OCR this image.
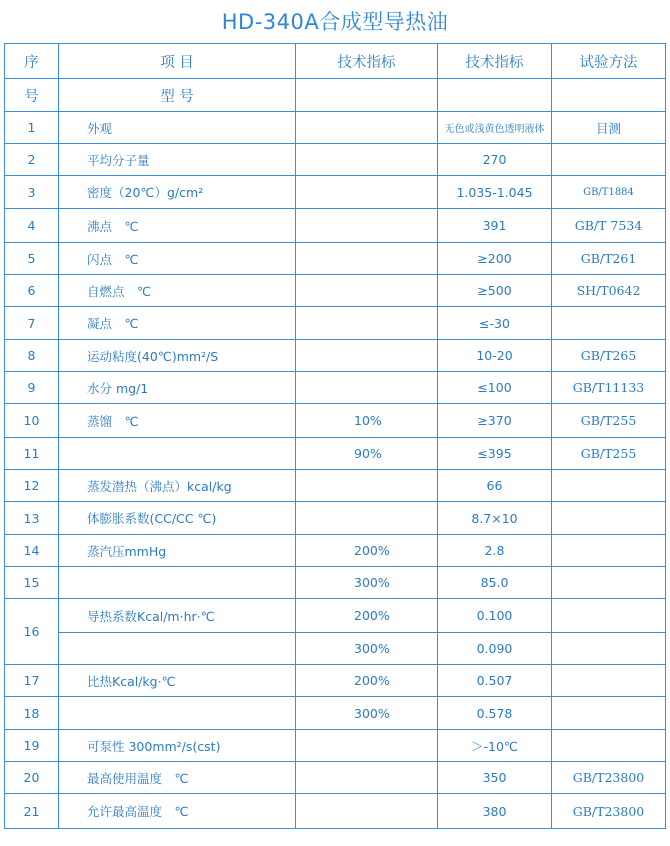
HD-340A合成型导热油
序	项 目	技术指标	技术指标	试验方法
号	型 号			
1	外观		无色或浅黄色透明液体	目测
2	平均分子量		270	
3	密度（20℃）g/cm²		1.035-1.045	GB/T1884
4	沸点　℃		391	GB/T 7534
5	闪点　℃		≥200	GB/T261
6	自燃点　℃		≥500	SH/T0642
7	凝点　℃		≤-30	
8	运动粘度(40℃)mm²/S		10-20	GB/T265
9	水分 mg/1		≤100	GB/T11133
10	蒸馏　℃	10%	≥370	GB/T255
11		90%	≤395	GB/T255
12	蒸发潜热（沸点）kcal/kg		66	
13	体膨胀系数(CC/CC ℃)		8.7×10	
14	蒸汽压mmHg	200%	2.8	
15		300%	85.0	
16	导热系数Kcal/m·hr·℃	200%	0.100	
		300%	0.090	
17	比热Kcal/kg·℃	200%	0.507	
18		300%	0.578	
19	可泵性 300mm²/s(cst)		＞-10℃	
20	最高使用温度　℃		350	GB/T23800
21	允许最高温度　℃		380	GB/T23800
